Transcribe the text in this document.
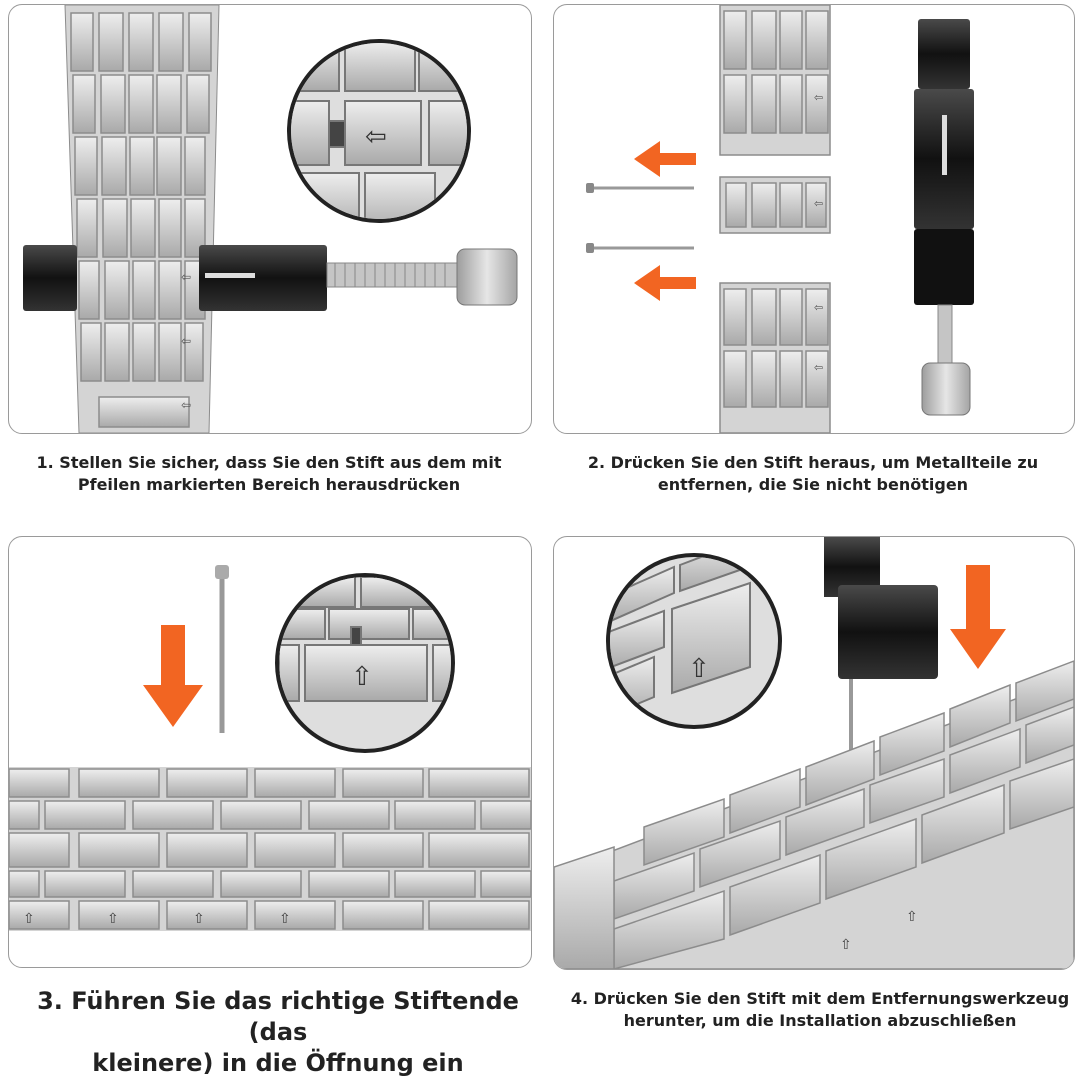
⇦
⇦
⇦
⇦
⇦
⇦
⇦
⇦
1. Stellen Sie sicher, dass Sie den Stift aus dem mit
Pfeilen markierten Bereich herausdrücken
2. Drücken Sie den Stift heraus, um Metallteile zu
entfernen, die Sie nicht benötigen
⇧
⇧	⇧	⇧	⇧
⇧
⇧
⇧
3. Führen Sie das richtige Stiftende (das
kleinere) in die Öffnung ein
4. Drücken Sie den Stift mit dem Entfernungswerkzeug
herunter, um die Installation abzuschließen
